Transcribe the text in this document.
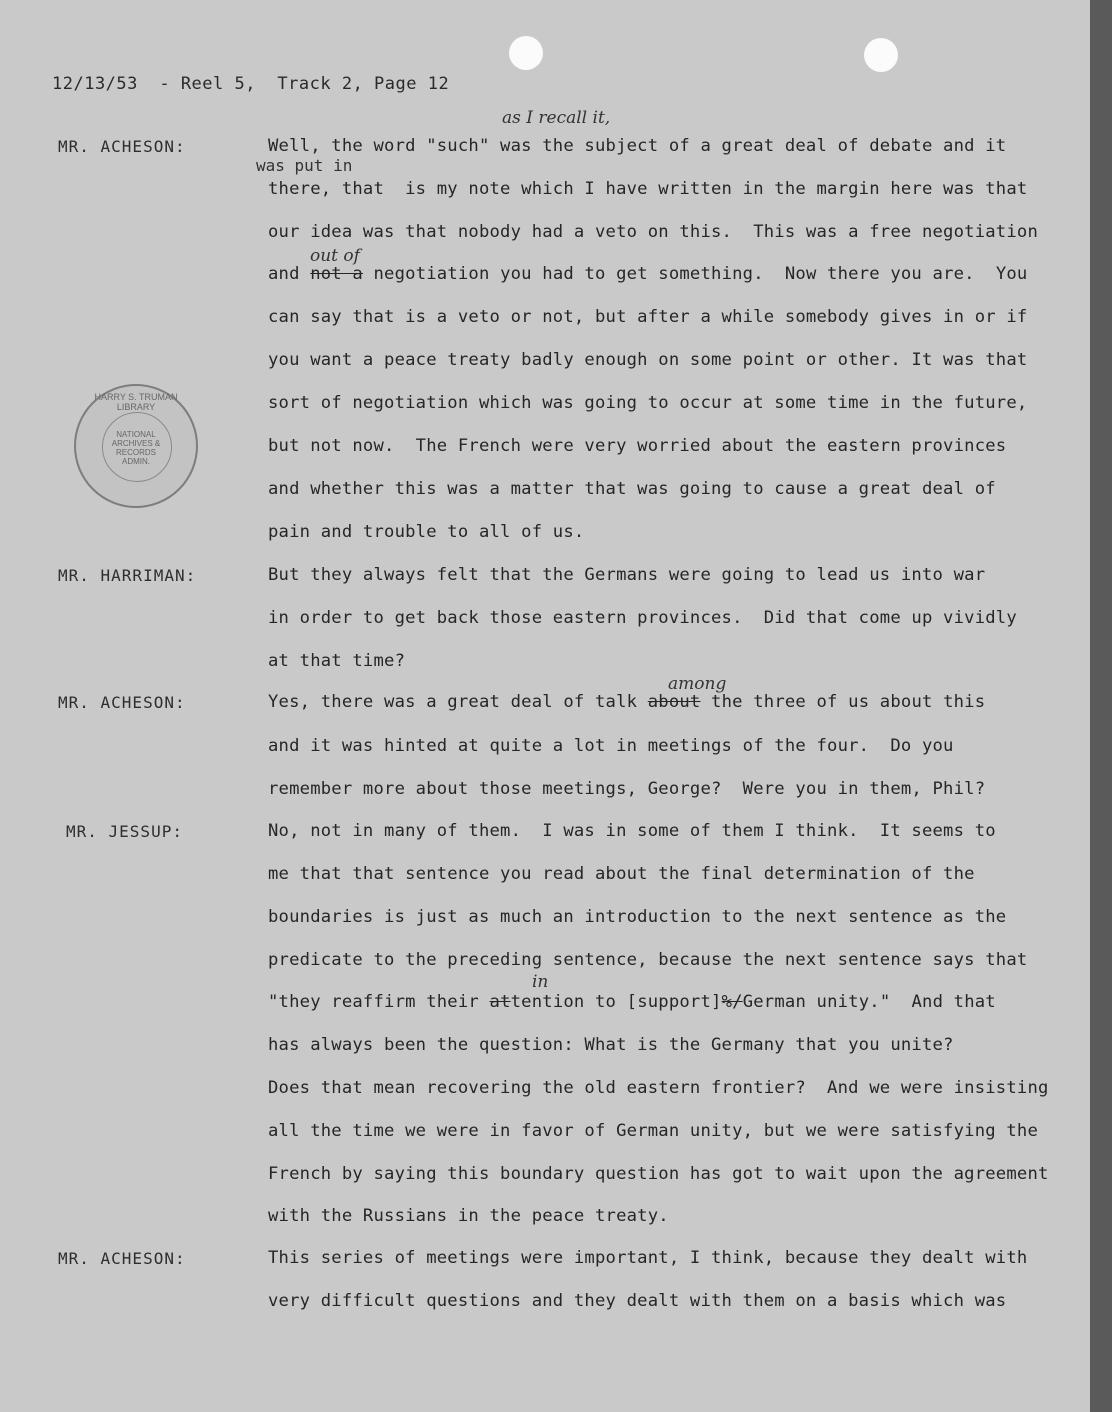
12/13/53  - Reel 5,  Track 2, Page 12
HARRY S. TRUMAN LIBRARY
NATIONAL
ARCHIVES &
RECORDS
ADMIN.
as I recall it,
was put in
out of
among
in
MR. ACHESON:
MR. HARRIMAN:
MR. ACHESON:
MR. JESSUP:
MR. ACHESON:
Well, the word "such" was the subject of a great deal of debate and it
there, that  is my note which I have written in the margin here was that
our idea was that nobody had a veto on this.  This was a free negotiation
and not a negotiation you had to get something.  Now there you are.  You
can say that is a veto or not, but after a while somebody gives in or if
you want a peace treaty badly enough on some point or other. It was that
sort of negotiation which was going to occur at some time in the future,
but not now.  The French were very worried about the eastern provinces
and whether this was a matter that was going to cause a great deal of
pain and trouble to all of us.
But they always felt that the Germans were going to lead us into war
in order to get back those eastern provinces.  Did that come up vividly
at that time?
Yes, there was a great deal of talk about the three of us about this
and it was hinted at quite a lot in meetings of the four.  Do you
remember more about those meetings, George?  Were you in them, Phil?
No, not in many of them.  I was in some of them I think.  It seems to
me that that sentence you read about the final determination of the
boundaries is just as much an introduction to the next sentence as the
predicate to the preceding sentence, because the next sentence says that
"they reaffirm their attention to [support]%/German unity."  And that
has always been the question: What is the Germany that you unite?
Does that mean recovering the old eastern frontier?  And we were insisting
all the time we were in favor of German unity, but we were satisfying the
French by saying this boundary question has got to wait upon the agreement
with the Russians in the peace treaty.
This series of meetings were important, I think, because they dealt with
very difficult questions and they dealt with them on a basis which was
